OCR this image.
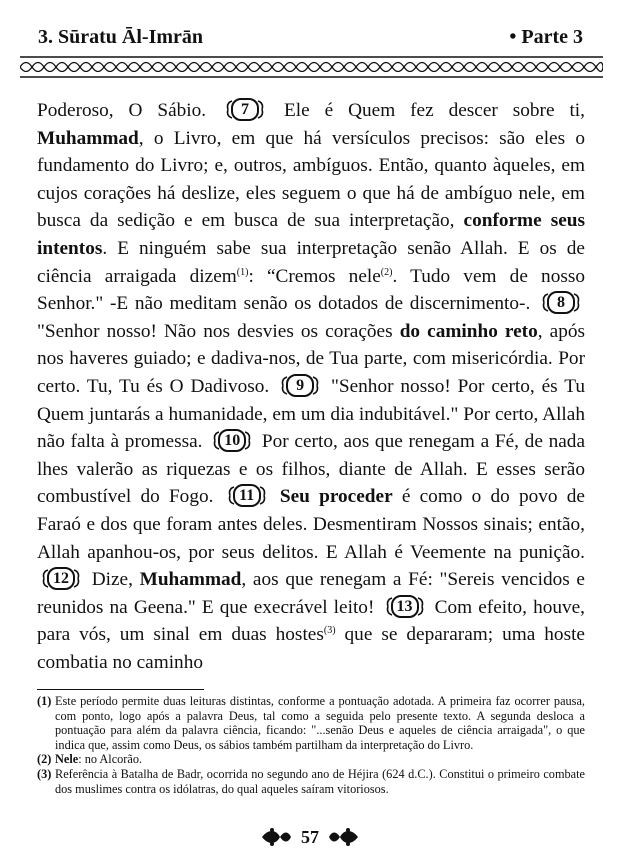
3. Sūratu Āl-Imrān	• Parte 3
Poderoso, O Sábio.	7	Ele é Quem fez descer sobre ti, Muhammad, o Livro, em que há versículos precisos: são eles o fundamento do Livro; e, outros, ambíguos. Então, quanto àqueles, em cujos corações há deslize, eles seguem o que há de ambíguo nele, em busca da sedição e em busca de sua interpretação, conforme seus intentos. E ninguém sabe sua interpretação senão Allah. E os de ciência arraigada dizem$^{(1)}$: “Cremos nele$^{(2)}$. Tudo vem de nosso Senhor." -E não meditam senão os dotados de discernimento-.	8
"Senhor nosso! Não nos desvies os corações do caminho reto, após nos haveres guiado; e dadiva-nos, de Tua parte, com misericórdia. Por certo. Tu, Tu és O Dadivoso.	9	"Senhor nosso! Por certo, és Tu Quem juntarás a humanidade, em um dia indubitável." Por certo, Allah não falta à promessa.	10	Por certo, aos que renegam a Fé, de nada lhes valerão as riquezas e os filhos, diante de Allah. E esses serão combustível do Fogo.	11	Seu proceder é como o do povo de Faraó e dos que foram antes deles. Desmentiram Nossos sinais; então, Allah apanhou-os, por seus delitos. E Allah é Veemente na punição.
12	Dize, Muhammad, aos que renegam a Fé: "Sereis vencidos e reunidos na Geena." E que execrável leito!	13	Com efeito, houve, para vós, um sinal em duas hostes$^{(3)}$ que se depararam; uma hoste combatia no caminho
(1) Este período permite duas leituras distintas, conforme a pontuação adotada. A primeira faz ocorrer pausa, com ponto, logo após a palavra Deus, tal como a seguida pelo presente texto. A segunda desloca a pontuação para além da palavra ciência, ficando: "...senão Deus e aqueles de ciência arraigada", o que indica que, assim como Deus, os sábios também partilham da interpretação do Livro.
(2) Nele: no Alcorão.
(3) Referência à Batalha de Badr, ocorrida no segundo ano de Héjira (624 d.C.). Constitui o primeiro combate dos muslimes contra os idólatras, do qual aqueles saíram vitoriosos.
57
